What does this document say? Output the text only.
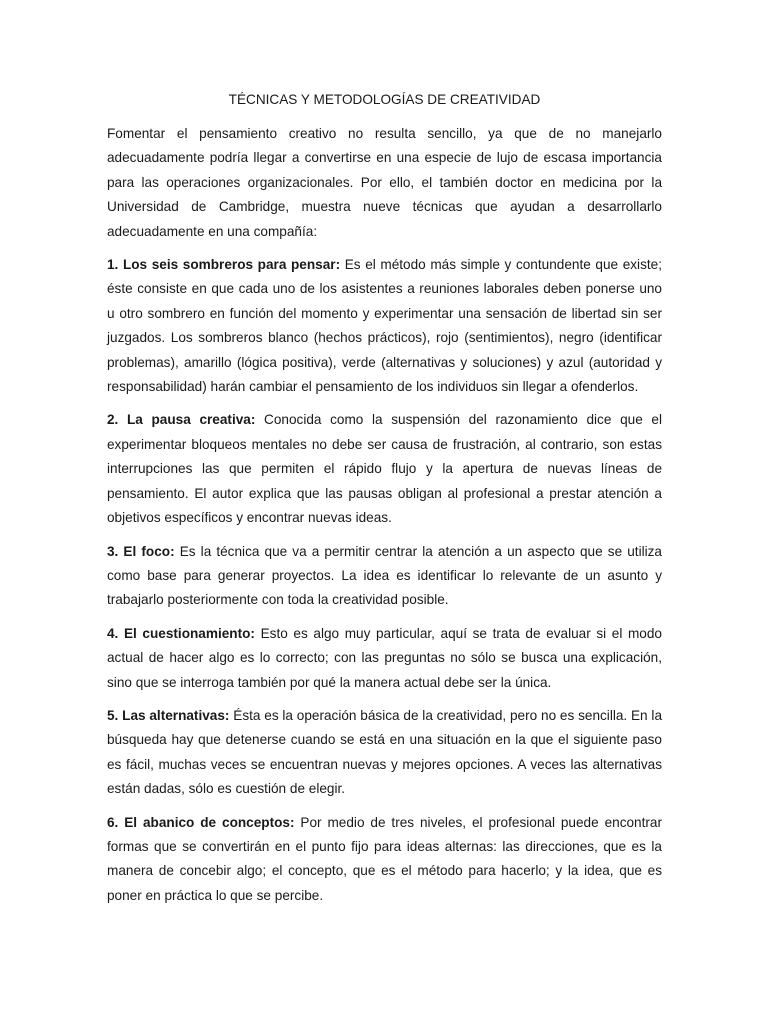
TÉCNICAS Y METODOLOGÍAS DE CREATIVIDAD

Fomentar el pensamiento creativo no resulta sencillo, ya que de no manejarlo adecuadamente podría llegar a convertirse en una especie de lujo de escasa importancia para las operaciones organizacionales. Por ello, el también doctor en medicina por la Universidad de Cambridge, muestra nueve técnicas que ayudan a desarrollarlo adecuadamente en una compañía:

1. Los seis sombreros para pensar: Es el método más simple y contundente que existe; éste consiste en que cada uno de los asistentes a reuniones laborales deben ponerse uno u otro sombrero en función del momento y experimentar una sensación de libertad sin ser juzgados. Los sombreros blanco (hechos prácticos), rojo (sentimientos), negro (identificar problemas), amarillo (lógica positiva), verde (alternativas y soluciones) y azul (autoridad y responsabilidad) harán cambiar el pensamiento de los individuos sin llegar a ofenderlos.

2. La pausa creativa: Conocida como la suspensión del razonamiento dice que el experimentar bloqueos mentales no debe ser causa de frustración, al contrario, son estas interrupciones las que permiten el rápido flujo y la apertura de nuevas líneas de pensamiento. El autor explica que las pausas obligan al profesional a prestar atención a objetivos específicos y encontrar nuevas ideas.

3. El foco: Es la técnica que va a permitir centrar la atención a un aspecto que se utiliza como base para generar proyectos. La idea es identificar lo relevante de un asunto y trabajarlo posteriormente con toda la creatividad posible.

4. El cuestionamiento: Esto es algo muy particular, aquí se trata de evaluar si el modo actual de hacer algo es lo correcto; con las preguntas no sólo se busca una explicación, sino que se interroga también por qué la manera actual debe ser la única.

5. Las alternativas: Ésta es la operación básica de la creatividad, pero no es sencilla. En la búsqueda hay que detenerse cuando se está en una situación en la que el siguiente paso es fácil, muchas veces se encuentran nuevas y mejores opciones. A veces las alternativas están dadas, sólo es cuestión de elegir.

6. El abanico de conceptos: Por medio de tres niveles, el profesional puede encontrar formas que se convertirán en el punto fijo para ideas alternas: las direcciones, que es la manera de concebir algo; el concepto, que es el método para hacerlo; y la idea, que es poner en práctica lo que se percibe.
